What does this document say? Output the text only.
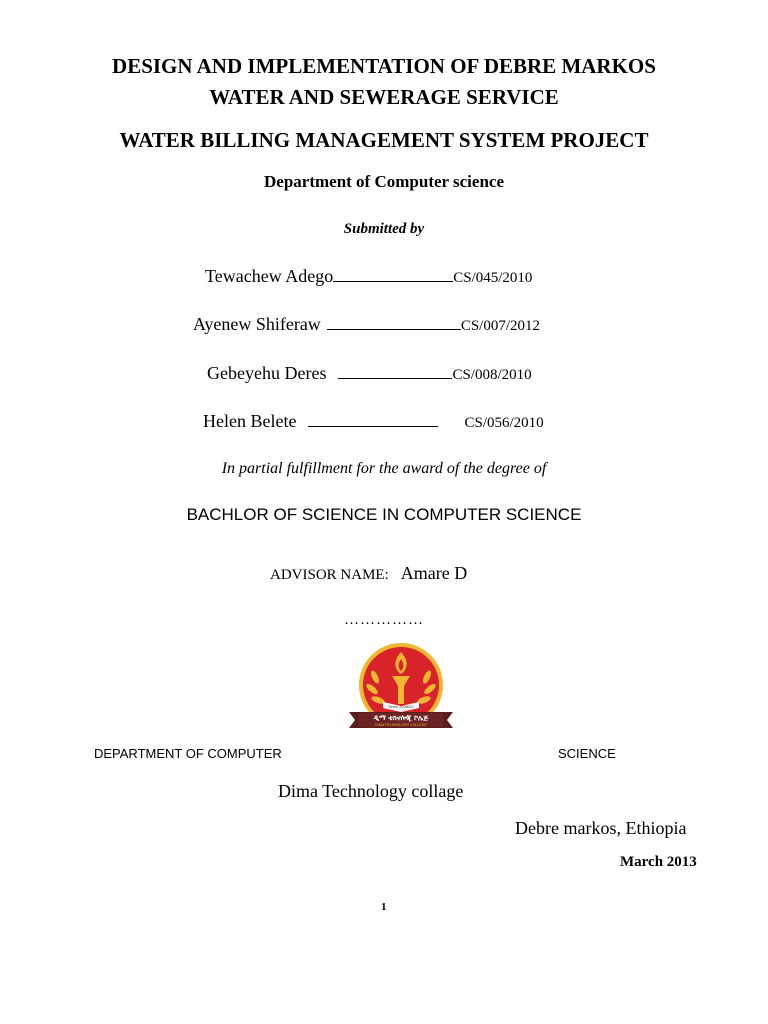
DESIGN AND IMPLEMENTATION OF DEBRE MARKOS
WATER AND SEWERAGE SERVICE
WATER BILLING MANAGEMENT SYSTEM PROJECT
Department of Computer science
Submitted by
Tewachew Adego	CS/045/2010
Ayenew Shiferaw	CS/007/2012
Gebeyehu Deres	CS/008/2010
Helen Belete	CS/056/2010
In partial fulfillment for the award of the degree of
BACHLOR OF SCIENCE IN COMPUTER SCIENCE
ADVISOR NAME: Amare D
……………
ዲማ ቴክኖሎጂ ኮሌጅ
DIMA TECHNOLOGY COLLEGE
Since 2008GC
DEPARTMENT OF COMPUTER	SCIENCE
Dima Technology collage
Debre markos, Ethiopia
March 2013
1
